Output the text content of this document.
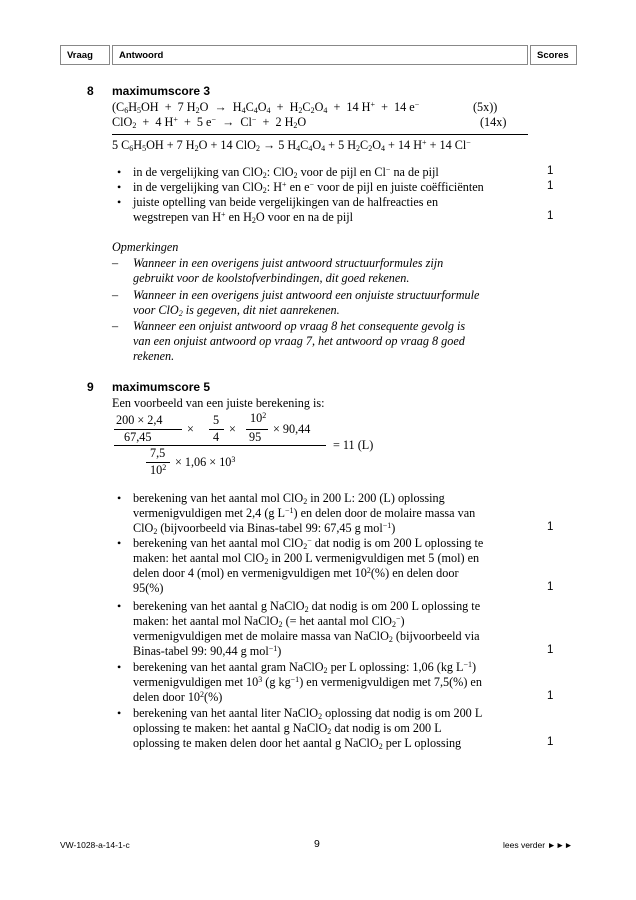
Vraag	Antwoord	Scores
8 maximumscore 3
($C_6H_5OH + 7$ $H_2O \to H_4C_4O_4 + H_2C_2O_4 + 14$ H+  +  14 e−	(5x))
ClO$_2$  +  4 H+  +  5 e−  →  Cl−  +  2 $H_2O$	(14x)
5 $C_6H_5OH + 7$ $H_2O + 14$ ClO$_2$ → 5 $H_4C_4O_4 + 5$ $H_2C_2O_4 + 14$ H+ + 14 Cl−
• in de vergelijking van ClO$_2$: ClO$_2$ voor de pijl en Cl− na de pijl	1
• in de vergelijking van ClO$_2$: H+ en e− voor de pijl en juiste coëfficiënten	1
• juiste optelling van beide vergelijkingen van de halfreacties en
wegstrepen van H+ en $H_2O$ voor en na de pijl	1
Opmerkingen
– Wanneer in een overigens juist antwoord structuurformules zijn
gebruikt voor de koolstofverbindingen, dit goed rekenen.
– Wanneer in een overigens juist antwoord een onjuiste structuurformule
voor ClO$_2$ is gegeven, dit niet aanrekenen.
– Wanneer een onjuist antwoord op vraag 8 het consequente gevolg is
van een onjuist antwoord op vraag 7, het antwoord op vraag 8 goed
rekenen.
9 maximumscore 5
Een voorbeeld van een juiste berekening is:
200 × 2,4
67,45
×
5
4
×
$10^2$
95
× 90,44
= 11 (L)
7,5
$10^2 \times 1,06 \times 10^3$
• berekening van het aantal mol ClO$_2$ in 200 L: 200 (L) oplossing
vermenigvuldigen met 2,4 (g $L^{-1}$) en delen door de molaire massa van
ClO$_2$ (bijvoorbeeld via Binas-tabel 99: 67,45 g mol$^{-1}$)	1
• berekening van het aantal mol ClO$_2$− dat nodig is om 200 L oplossing te
maken: het aantal mol ClO$_2$ in 200 L vermenigvuldigen met 5 (mol) en
delen door 4 (mol) en vermenigvuldigen met $10^2(\%)$ en delen door
95(%)	1
• berekening van het aantal g NaClO$_2$ dat nodig is om 200 L oplossing te
maken: het aantal mol NaClO$_2$ (= het aantal mol ClO$_2$−)
vermenigvuldigen met de molaire massa van NaClO$_2$ (bijvoorbeeld via
Binas-tabel 99: 90,44 g mol$^{-1}$)	1
• berekening van het aantal gram NaClO$_2$ per L oplossing: 1,06 (kg $L^{-1}$)
vermenigvuldigen met $10^3$ (g $kg^{-1}$) en vermenigvuldigen met 7,5(%) en
delen door $10^2(\%)$	1
• berekening van het aantal liter NaClO$_2$ oplossing dat nodig is om 200 L
oplossing te maken: het aantal g NaClO$_2$ dat nodig is om 200 L
oplossing te maken delen door het aantal g NaClO$_2$ per L oplossing	1
VW-1028-a-14-1-c	9	lees verder ►►►
